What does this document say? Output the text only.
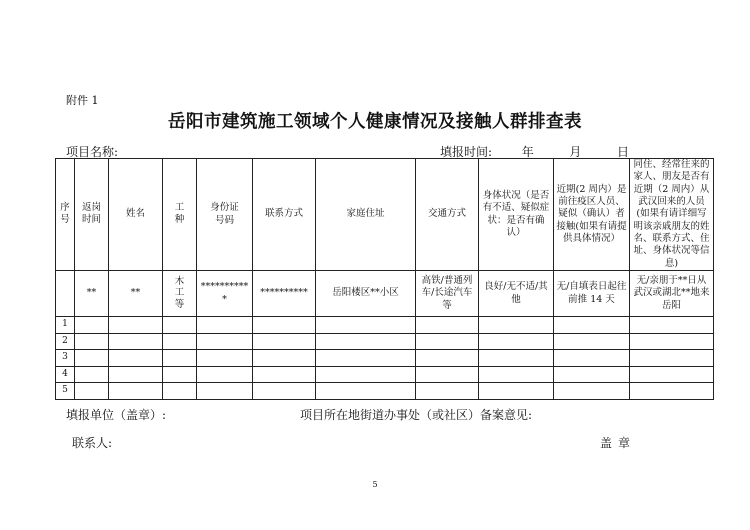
附件 1
岳阳市建筑施工领域个人健康情况及接触人群排查表
项目名称:	填报时间: 年	月	日
序号	返岗时间	姓名	工种	身份证号码	联系方式	家庭住址	交通方式	身体状况（是否有不适、疑似症状：是否有确认）	近期(2 周内）是前往疫区人员、疑似（确认）者接触(如果有请提供具体情况）	同住、经常往来的家人、朋友是否有近期（2 周内）从武汉回来的人员(如果有请详细写明该亲戚朋友的姓名、联系方式、住址、身体状况等信息)
	**	**	木工等	***********	**********	岳阳楼区**小区	高铁/普通列车/长途汽车等	良好/无不适/其他	无/自填表日起往前推 14 天	无/亲朋于**日从武汉或湖北**地来岳阳
1										
2										
3										
4										
5										
填报单位（盖章）:	项目所在地街道办事处（或社区）备案意见:
联系人:	盖章
5
